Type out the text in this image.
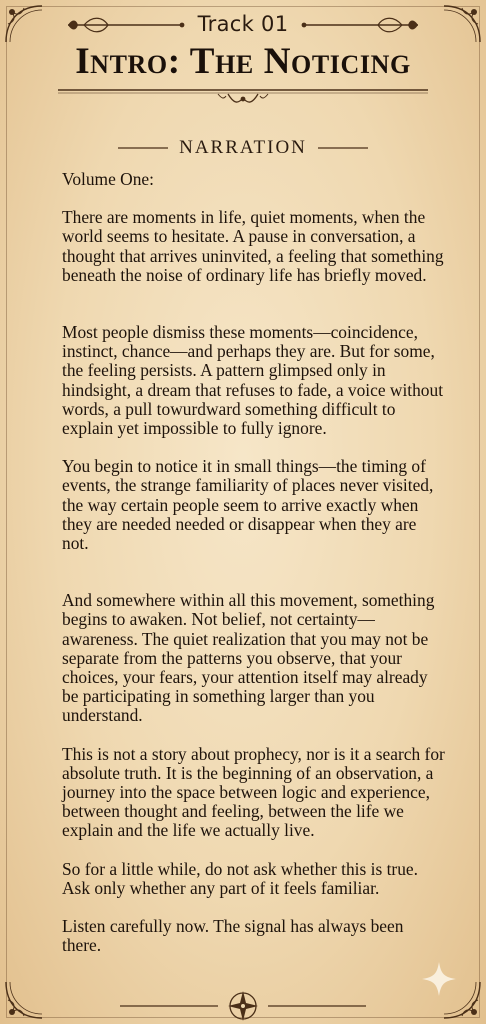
Track 01
Intro: The Noticing
NARRATION

Volume One:

There are moments in life, quiet moments, when the world seems to hesitate. A pause in conversation, a thought that arrives uninvited, a feeling that something beneath the noise of ordinary life has briefly moved.

Most people dismiss these moments—coincidence, instinct, chance—and perhaps they are. But for some, the feeling persists. A pattern glimpsed only in hindsight, a dream that refuses to fade, a voice without words, a pull towurdward something difficult to explain yet impossible to fully ignore.

You begin to notice it in small things—the timing of events, the strange familiarity of places never visited, the way certain people seem to arrive exactly when they are needed needed or disappear when they are not.

And somewhere within all this movement, something begins to awaken. Not belief, not certainty—awareness. The quiet realization that you may not be separate from the patterns you observe, that your choices, your fears, your attention itself may already be participating in something larger than you understand.

This is not a story about prophecy, nor is it a search for absolute truth. It is the beginning of an observation, a journey into the space between logic and experience, between thought and feeling, between the life we explain and the life we actually live.

So for a little while, do not ask whether this is true. Ask only whether any part of it feels familiar.

Listen carefully now. The signal has always been there.
